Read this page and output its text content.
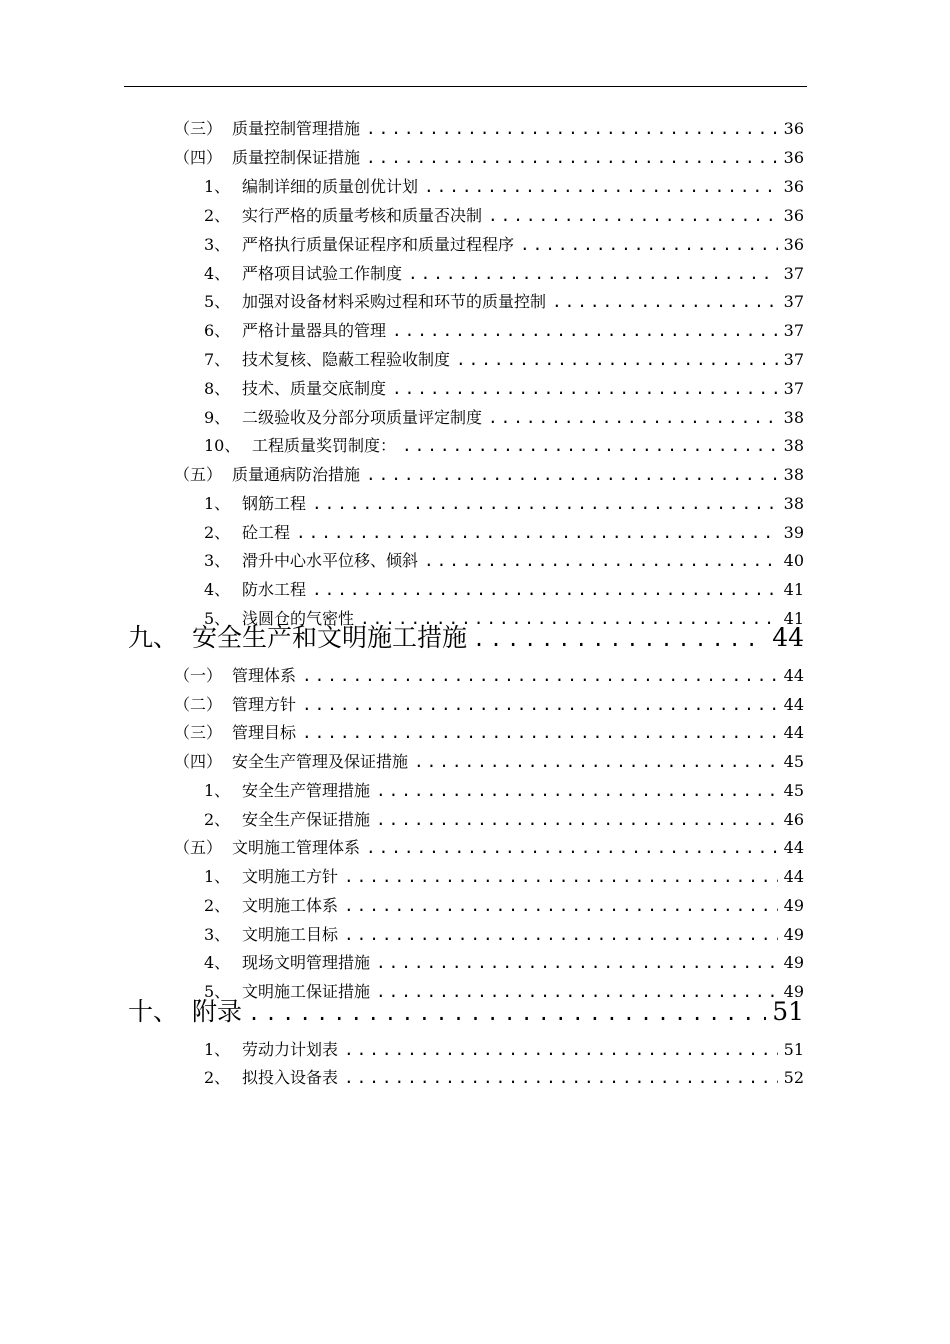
（三） 质量控制管理措施 .....	36
（四） 质量控制保证措施 .....	36
1、 编制详细的质量创优计划 .....	36
2、 实行严格的质量考核和质量否决制 .....	36
3、 严格执行质量保证程序和质量过程程序 .....	36
4、 严格项目试验工作制度 .....	37
5、 加强对设备材料采购过程和环节的质量控制 .....	37
6、 严格计量器具的管理 .....	37
7、 技术复核、隐蔽工程验收制度 .....	37
8、 技术、质量交底制度 .....	37
9、 二级验收及分部分项质量评定制度 .....	38
10、 工程质量奖罚制度： .....	38
（五） 质量通病防治措施 .....	38
1、 钢筋工程 .....	38
2、 砼工程 .....	39
3、 滑升中心水平位移、倾斜 .....	40
4、 防水工程 .....	41
5、 浅圆仓的气密性 .....	41
九、 安全生产和文明施工措施 .....	44
（一） 管理体系 .....	44
（二） 管理方针 .....	44
（三） 管理目标 .....	44
（四） 安全生产管理及保证措施 .....	45
1、 安全生产管理措施 .....	45
2、 安全生产保证措施 .....	46
（五） 文明施工管理体系 .....	44
1、 文明施工方针 .....	44
2、 文明施工体系 .....	49
3、 文明施工目标 .....	49
4、 现场文明管理措施 .....	49
5、 文明施工保证措施 .....	49
十、 附录 .....	51
1、 劳动力计划表 .....	51
2、 拟投入设备表 .....	52
